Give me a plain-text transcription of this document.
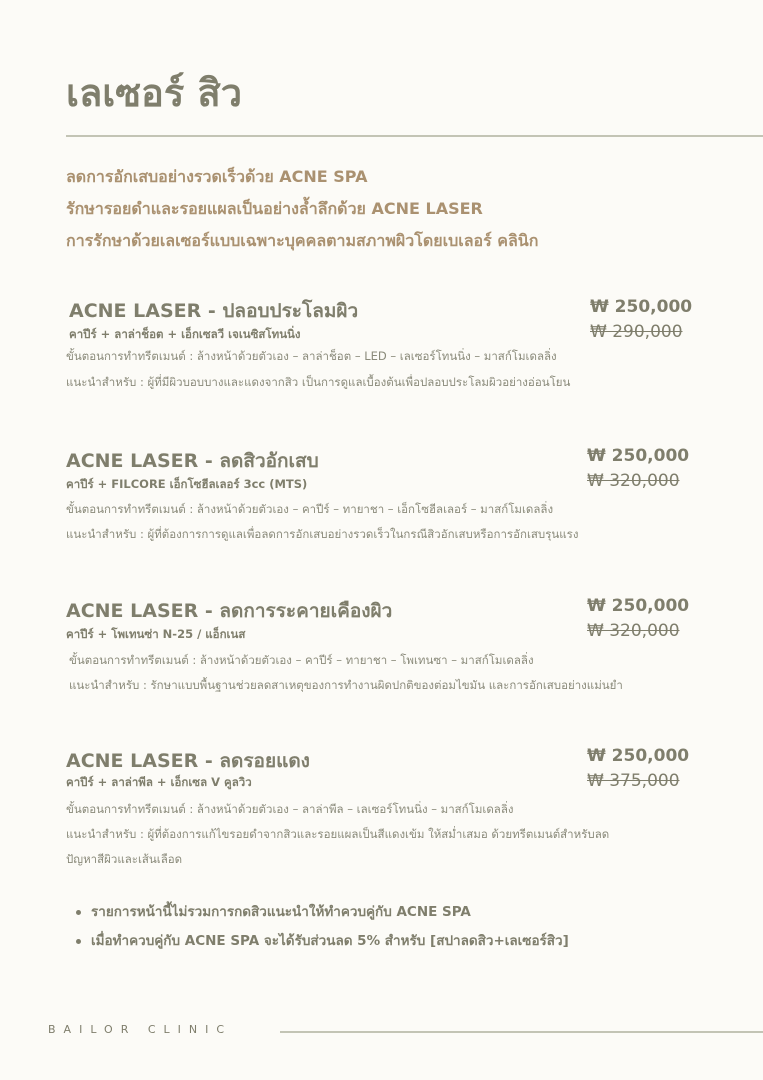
เลเซอร์ สิว
ลดการอักเสบอย่างรวดเร็วด้วย ACNE SPA
รักษารอยดำและรอยแผลเป็นอย่างล้ำลึกด้วย ACNE LASER
การรักษาด้วยเลเซอร์แบบเฉพาะบุคคลตามสภาพผิวโดยเบเลอร์ คลินิก
ACNE LASER - ปลอบประโลมผิว
คาปีร์ + ลาล่าช็อต + เอ็กเซลวี เจเนซิสโทนนิ่ง
ขั้นตอนการทำทรีตเมนต์ : ล้างหน้าด้วยตัวเอง – ลาล่าช็อต – LED – เลเซอร์โทนนิ่ง – มาสก์โมเดลลิ่ง
แนะนำสำหรับ : ผู้ที่มีผิวบอบบางและแดงจากสิว เป็นการดูแลเบื้องต้นเพื่อปลอบประโลมผิวอย่างอ่อนโยน
₩ 250,000
₩ 290,000
ACNE LASER - ลดสิวอักเสบ
คาปีร์ + FILCORE เอ็กโซฮีลเลอร์ 3cc (MTS)
ขั้นตอนการทำทรีตเมนต์ : ล้างหน้าด้วยตัวเอง – คาปีร์ – ทายาชา – เอ็กโซฮีลเลอร์ – มาสก์โมเดลลิ่ง
แนะนำสำหรับ : ผู้ที่ต้องการการดูแลเพื่อลดการอักเสบอย่างรวดเร็วในกรณีสิวอักเสบหรือการอักเสบรุนแรง
₩ 250,000
₩ 320,000
ACNE LASER - ลดการระคายเคืองผิว
คาปีร์ + โพเทนซ่า N-25 / แอ็กเนส
ขั้นตอนการทำทรีตเมนต์ : ล้างหน้าด้วยตัวเอง – คาปีร์ – ทายาชา – โพเทนซา – มาสก์โมเดลลิ่ง
แนะนำสำหรับ : รักษาแบบพื้นฐานช่วยลดสาเหตุของการทำงานผิดปกติของต่อมไขมัน และการอักเสบอย่างแม่นยำ
₩ 250,000
₩ 320,000
ACNE LASER - ลดรอยแดง
คาปีร์ + ลาล่าพีล + เอ็กเซล V คูลวิว
ขั้นตอนการทำทรีตเมนต์ : ล้างหน้าด้วยตัวเอง – ลาล่าพีล – เลเซอร์โทนนิ่ง – มาสก์โมเดลลิ่ง
แนะนำสำหรับ : ผู้ที่ต้องการแก้ไขรอยดำจากสิวและรอยแผลเป็นสีแดงเข้ม ให้สม่ำเสมอ ด้วยทรีตเมนต์สำหรับลด
ปัญหาสีผิวและเส้นเลือด
₩ 250,000
₩ 375,000
รายการหน้านี้ไม่รวมการกดสิวแนะนำให้ทำควบคู่กับ ACNE SPA
เมื่อทำควบคู่กับ ACNE SPA จะได้รับส่วนลด 5% สำหรับ [สปาลดสิว+เลเซอร์สิว]
BAILOR CLINIC
